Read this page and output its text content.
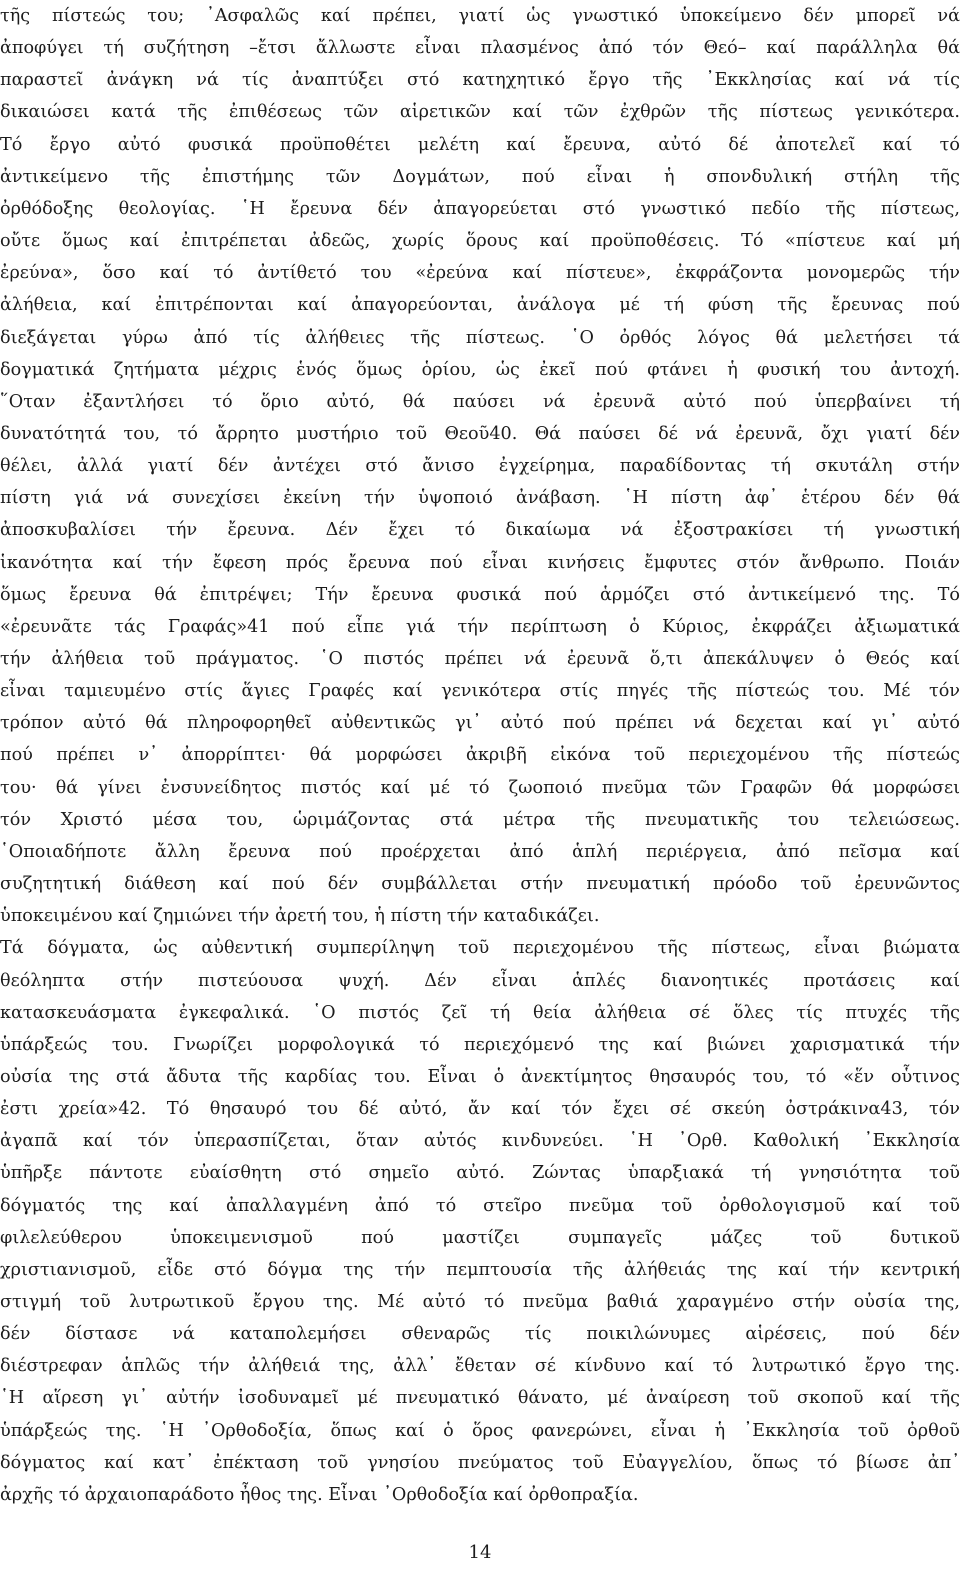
τῆς πίστεώς του; ᾿Ασφαλῶς καί πρέπει, γιατί ὡς γνωστικό ὑποκείμενο δέν μπορεῖ νά
ἀποφύγει τή συζήτηση –ἔτσι ἄλλωστε εἶναι πλασμένος ἀπό τόν Θεό– καί παράλληλα θά
παραστεῖ ἀνάγκη νά τίς ἀναπτύξει στό κατηχητικό ἔργο τῆς ᾿Εκκλησίας καί νά τίς
δικαιώσει κατά τῆς ἐπιθέσεως τῶν αἱρετικῶν καί τῶν ἐχθρῶν τῆς πίστεως γενικότερα.
Τό ἔργο αὐτό φυσικά προϋποθέτει μελέτη καί ἔρευνα, αὐτό δέ ἀποτελεῖ καί τό
ἀντικείμενο τῆς ἐπιστήμης τῶν Δογμάτων, πού εἶναι ἡ σπονδυλική στήλη τῆς
ὀρθόδοξης θεολογίας. ῾Η ἔρευνα δέν ἀπαγορεύεται στό γνωστικό πεδίο τῆς πίστεως,
οὔτε ὅμως καί ἐπιτρέπεται ἀδεῶς, χωρίς ὅρους καί προϋποθέσεις. Τό «πίστευε καί μή
ἐρεύνα», ὅσο καί τό ἀντίθετό του «ἐρεύνα καί πίστευε», ἐκφράζοντα μονομερῶς τήν
ἀλήθεια, καί ἐπιτρέπονται καί ἀπαγορεύονται, ἀνάλογα μέ τή φύση τῆς ἔρευνας πού
διεξάγεται γύρω ἀπό τίς ἀλήθειες τῆς πίστεως. ῾Ο ὀρθός λόγος θά μελετήσει τά
δογματικά ζητήματα μέχρις ἑνός ὅμως ὁρίου, ὡς ἐκεῖ πού φτάνει ἡ φυσική του ἀντοχή.
῞Οταν ἐξαντλήσει τό ὅριο αὐτό, θά παύσει νά ἐρευνᾶ αὐτό πού ὑπερβαίνει τή
δυνατότητά του, τό ἄρρητο μυστήριο τοῦ Θεοῦ40. Θά παύσει δέ νά ἐρευνᾶ, ὄχι γιατί δέν
θέλει, ἀλλά γιατί δέν ἀντέχει στό ἄνισο ἐγχείρημα, παραδίδοντας τή σκυτάλη στήν
πίστη γιά νά συνεχίσει ἐκείνη τήν ὑψοποιό ἀνάβαση. ῾Η πίστη ἀφ᾿ ἑτέρου δέν θά
ἀποσκυβαλίσει τήν ἔρευνα. Δέν ἔχει τό δικαίωμα νά ἐξοστρακίσει τή γνωστική
ἱκανότητα καί τήν ἔφεση πρός ἔρευνα πού εἶναι κινήσεις ἔμφυτες στόν ἄνθρωπο. Ποιάν
ὅμως ἔρευνα θά ἐπιτρέψει; Τήν ἔρευνα φυσικά πού ἁρμόζει στό ἀντικείμενό της. Τό
«ἐρευνᾶτε τάς Γραφάς»41 πού εἶπε γιά τήν περίπτωση ὁ Κύριος, ἐκφράζει ἀξιωματικά
τήν ἀλήθεια τοῦ πράγματος. ῾Ο πιστός πρέπει νά ἐρευνᾶ ὅ,τι ἀπεκάλυψεν ὁ Θεός καί
εἶναι ταμιευμένο στίς ἅγιες Γραφές καί γενικότερα στίς πηγές τῆς πίστεώς του. Μέ τόν
τρόπον αὐτό θά πληροφορηθεῖ αὐθεντικῶς γι᾿ αὐτό πού πρέπει νά δεχεται καί γι᾿ αὐτό
πού πρέπει ν᾿ ἀπορρίπτει· θά μορφώσει ἀκριβῆ εἰκόνα τοῦ περιεχομένου τῆς πίστεώς
του· θά γίνει ἐνσυνείδητος πιστός καί μέ τό ζωοποιό πνεῦμα τῶν Γραφῶν θά μορφώσει
τόν Χριστό μέσα του, ὡριμάζοντας στά μέτρα τῆς πνευματικῆς του τελειώσεως.
῾Οποιαδήποτε ἄλλη ἔρευνα πού προέρχεται ἀπό ἁπλή περιέργεια, ἀπό πεῖσμα καί
συζητητική διάθεση καί πού δέν συμβάλλεται στήν πνευματική πρόοδο τοῦ ἐρευνῶντος
ὑποκειμένου καί ζημιώνει τήν ἀρετή του, ἡ πίστη τήν καταδικάζει.
Τά δόγματα, ὡς αὐθεντική συμπερίληψη τοῦ περιεχομένου τῆς πίστεως, εἶναι βιώματα
θεόληπτα στήν πιστεύουσα ψυχή. Δέν εἶναι ἁπλές διανοητικές προτάσεις καί
κατασκευάσματα ἐγκεφαλικά. ῾Ο πιστός ζεῖ τή θεία ἀλήθεια σέ ὅλες τίς πτυχές τῆς
ὑπάρξεώς του. Γνωρίζει μορφολογικά τό περιεχόμενό της καί βιώνει χαρισματικά τήν
οὐσία της στά ἄδυτα τῆς καρδίας του. Εἶναι ὁ ἀνεκτίμητος θησαυρός του, τό «ἕν οὗτινος
ἐστι χρεία»42. Τό θησαυρό του δέ αὐτό, ἄν καί τόν ἔχει σέ σκεύη ὀστράκινα43, τόν
ἀγαπᾶ καί τόν ὑπερασπίζεται, ὅταν αὐτός κινδυνεύει. ῾Η ᾿Ορθ. Καθολική ᾿Εκκλησία
ὑπῆρξε πάντοτε εὐαίσθητη στό σημεῖο αὐτό. Ζώντας ὑπαρξιακά τή γνησιότητα τοῦ
δόγματός της καί ἀπαλλαγμένη ἀπό τό στεῖρο πνεῦμα τοῦ ὀρθολογισμοῦ καί τοῦ
φιλελεύθερου ὑποκειμενισμοῦ πού μαστίζει συμπαγεῖς μάζες τοῦ δυτικοῦ
χριστιανισμοῦ, εἶδε στό δόγμα της τήν πεμπτουσία τῆς ἀλήθειάς της καί τήν κεντρική
στιγμή τοῦ λυτρωτικοῦ ἔργου της. Μέ αὐτό τό πνεῦμα βαθιά χαραγμένο στήν οὐσία της,
δέν δίστασε νά καταπολεμήσει σθεναρῶς τίς ποικιλώνυμες αἱρέσεις, πού δέν
διέστρεφαν ἁπλῶς τήν ἀλήθειά της, ἀλλ᾿ ἔθεταν σέ κίνδυνο καί τό λυτρωτικό ἔργο της.
῾Η αἵρεση γι᾿ αὐτήν ἰσοδυναμεῖ μέ πνευματικό θάνατο, μέ ἀναίρεση τοῦ σκοποῦ καί τῆς
ὑπάρξεώς της. ῾Η ᾿Ορθοδοξία, ὅπως καί ὁ ὅρος φανερώνει, εἶναι ἡ ᾿Εκκλησία τοῦ ὀρθοῦ
δόγματος καί κατ᾿ ἐπέκταση τοῦ γνησίου πνεύματος τοῦ Εὐαγγελίου, ὅπως τό βίωσε ἀπ᾿
ἀρχῆς τό ἀρχαιοπαράδοτο ἦθος της. Εἶναι ᾿Ορθοδοξία καί ὀρθοπραξία.
14
